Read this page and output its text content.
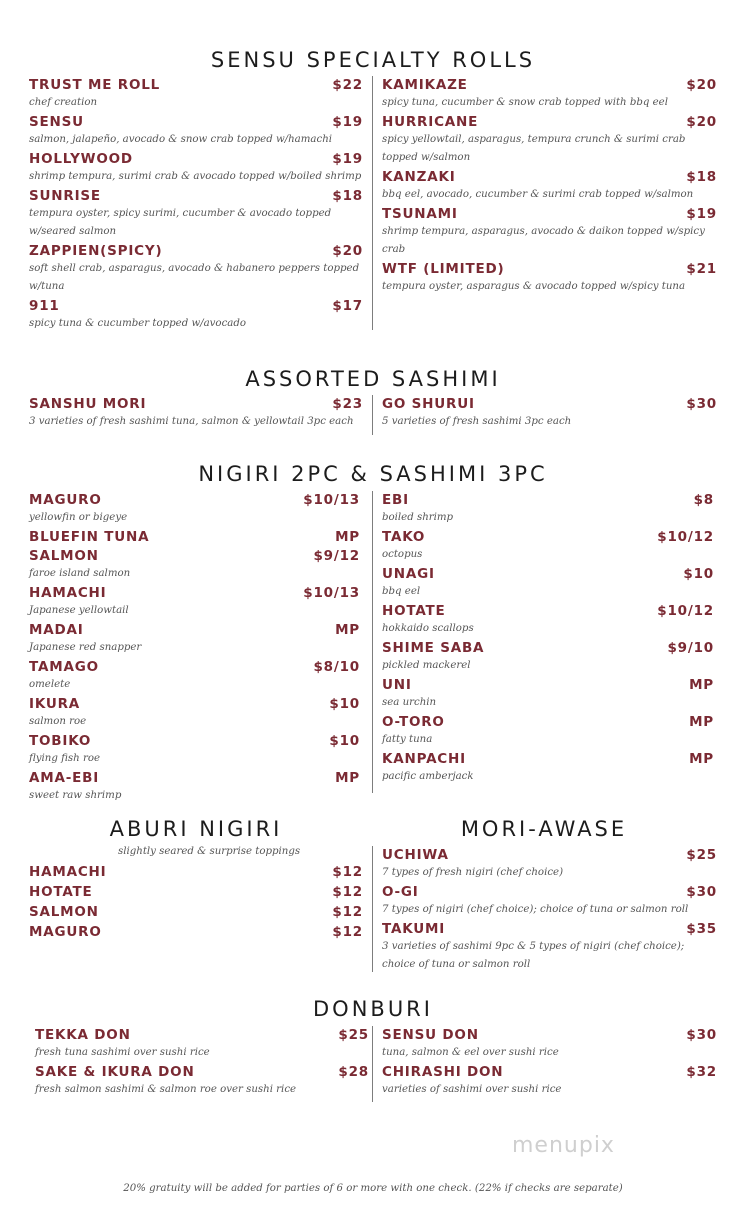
SENSU SPECIALTY ROLLS
TRUST ME ROLL	$22
chef creation
SENSU	$19
salmon, jalapeño, avocado & snow crab topped w/hamachi
HOLLYWOOD	$19
shrimp tempura, surimi crab & avocado topped w/boiled shrimp
SUNRISE	$18
tempura oyster, spicy surimi, cucumber & avocado topped w/seared salmon
ZAPPIEN(SPICY)	$20
soft shell crab, asparagus, avocado & habanero peppers topped w/tuna
911	$17
spicy tuna & cucumber topped w/avocado
KAMIKAZE	$20
spicy tuna, cucumber & snow crab topped with bbq eel
HURRICANE	$20
spicy yellowtail, asparagus, tempura crunch & surimi crab topped w/salmon
KANZAKI	$18
bbq eel, avocado, cucumber & surimi crab topped w/salmon
TSUNAMI	$19
shrimp tempura, asparagus, avocado & daikon topped w/spicy crab
WTF (LIMITED)	$21
tempura oyster, asparagus & avocado topped w/spicy tuna
ASSORTED SASHIMI
SANSHU MORI	$23
3 varieties of fresh sashimi tuna, salmon & yellowtail 3pc each
GO SHURUI	$30
5 varieties of fresh sashimi 3pc each
NIGIRI 2PC & SASHIMI 3PC
MAGURO	$10/13
yellowfin or bigeye
BLUEFIN TUNA	MP
SALMON	$9/12
faroe island salmon
HAMACHI	$10/13
Japanese yellowtail
MADAI	MP
Japanese red snapper
TAMAGO	$8/10
omelete
IKURA	$10
salmon roe
TOBIKO	$10
flying fish roe
AMA-EBI	MP
sweet raw shrimp
EBI	$8
boiled shrimp
TAKO	$10/12
octopus
UNAGI	$10
bbq eel
HOTATE	$10/12
hokkaido scallops
SHIME SABA	$9/10
pickled mackerel
UNI	MP
sea urchin
O-TORO	MP
fatty tuna
KANPACHI	MP
pacific amberjack
ABURI NIGIRI
slightly seared & surprise toppings
HAMACHI	$12
HOTATE	$12
SALMON	$12
MAGURO	$12
MORI-AWASE
UCHIWA	$25
7 types of fresh nigiri (chef choice)
O-GI	$30
7 types of nigiri (chef choice); choice of tuna or salmon roll
TAKUMI	$35
3 varieties of sashimi 9pc & 5 types of nigiri (chef choice); choice of tuna or salmon roll
DONBURI
TEKKA DON	$25
fresh tuna sashimi over sushi rice
SAKE & IKURA DON	$28
fresh salmon sashimi & salmon roe over sushi rice
SENSU DON	$30
tuna, salmon & eel over sushi rice
CHIRASHI DON	$32
varieties of sashimi over sushi rice
menupix
20% gratuity will be added for parties of 6 or more with one check. (22% if checks are separate)
